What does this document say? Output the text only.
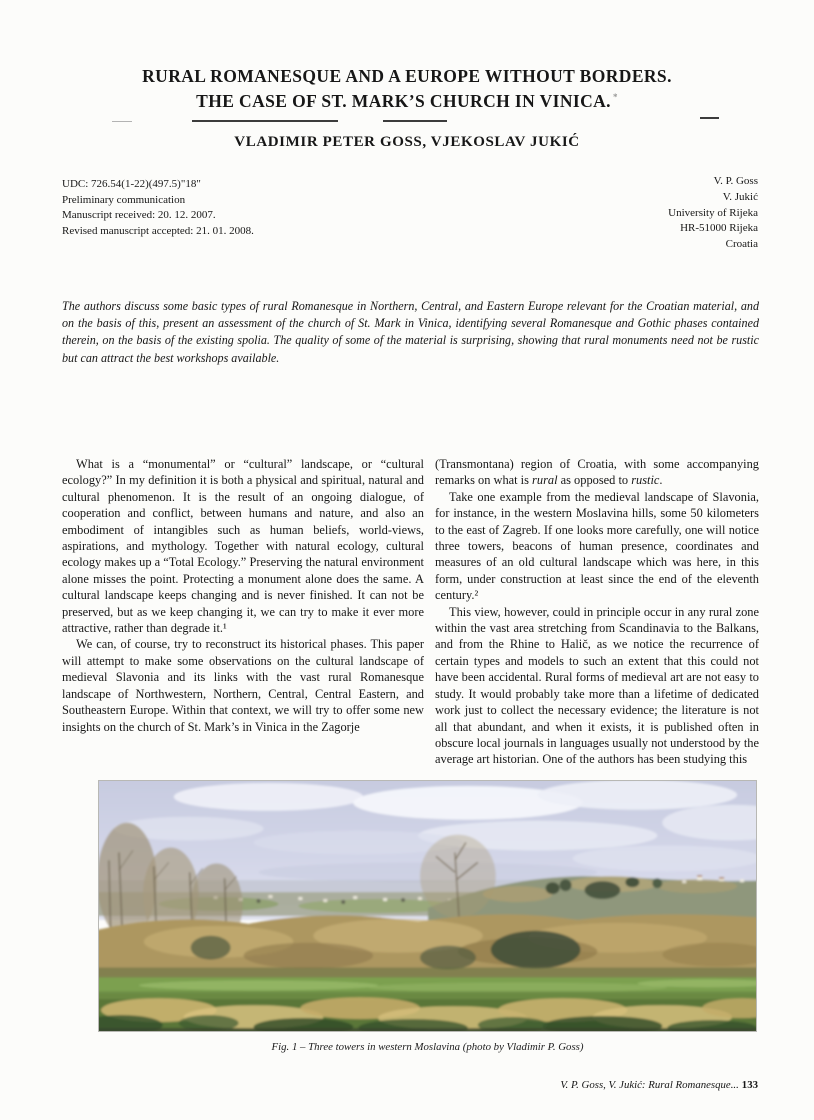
RURAL ROMANESQUE AND A EUROPE WITHOUT BORDERS.
THE CASE OF ST. MARK’S CHURCH IN VINICA. *
VLADIMIR PETER GOSS, VJEKOSLAV JUKIĆ
UDC: 726.54(1-22)(497.5)"18"
Preliminary communication
Manuscript received: 20. 12. 2007.
Revised manuscript accepted: 21. 01. 2008.
V. P. Goss
V. Jukić
University of Rijeka
HR-51000 Rijeka
Croatia
The authors discuss some basic types of rural Romanesque in Northern, Central, and Eastern Europe relevant for the Croatian material, and on the basis of this, present an assessment of the church of St. Mark in Vinica, identifying several Romanesque and Gothic phases contained therein, on the basis of the existing spolia. The quality of some of the material is surprising, showing that rural monuments need not be rustic but can attract the best workshops available.

What is a “monumental” or “cultural” landscape, or “cultural ecology?” In my definition it is both a physical and spiritual, natural and cultural phenomenon. It is the result of an ongoing dialogue, of cooperation and conflict, between humans and nature, and also an embodiment of intangibles such as human beliefs, world-views, aspirations, and mythology. Together with natural ecology, cultural ecology makes up a “Total Ecology.” Preserving the natural environment alone misses the point. Protecting a monument alone does the same. A cultural landscape keeps changing and is never finished. It can not be preserved, but as we keep changing it, we can try to make it ever more attractive, rather than degrade it.¹

We can, of course, try to reconstruct its historical phases. This paper will attempt to make some observations on the cultural landscape of medieval Slavonia and its links with the vast rural Romanesque landscape of Northwestern, Northern, Central, Central Eastern, and Southeastern Europe. Within that context, we will try to offer some new insights on the church of St. Mark’s in Vinica in the Zagorje

(Transmontana) region of Croatia, with some accompanying remarks on what is rural as opposed to rustic.

Take one example from the medieval landscape of Slavonia, for instance, in the western Moslavina hills, some 50 kilometers to the east of Zagreb. If one looks more carefully, one will notice three towers, beacons of human presence, coordinates and measures of an old cultural landscape which was here, in this form, under construction at least since the end of the eleventh century.²

This view, however, could in principle occur in any rural zone within the vast area stretching from Scandinavia to the Balkans, and from the Rhine to Halič, as we notice the recurrence of certain types and models to such an extent that this could not have been accidental. Rural forms of medieval art are not easy to study. It would probably take more than a lifetime of dedicated work just to collect the necessary evidence; the literature is not all that abundant, and when it exists, it is published often in obscure local journals in languages usually not understood by the average art historian. One of the authors has been studying this

Fig. 1 – Three towers in western Moslavina (photo by Vladimir P. Goss)
V. P. Goss, V. Jukić: Rural Romanesque... 133
